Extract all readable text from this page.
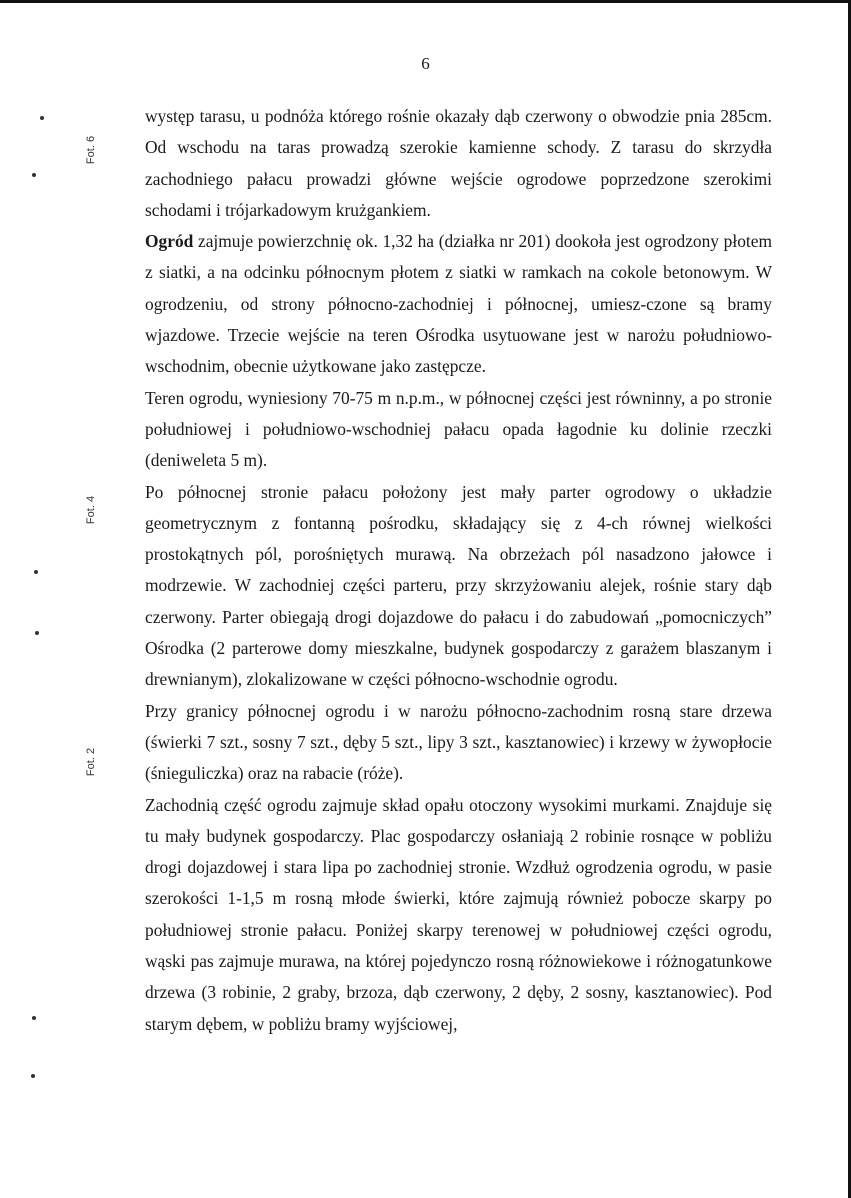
6
Fot. 6
Fot. 4
Fot. 2

występ tarasu, u podnóża którego rośnie okazały dąb czerwony o obwodzie pnia 285cm. Od wschodu na taras prowadzą szerokie kamienne schody. Z tarasu do skrzydła zachodniego pałacu prowadzi główne wejście ogrodowe poprzedzone szerokimi schodami i trójarkadowym krużgankiem.

Ogród zajmuje powierzchnię ok. 1,32 ha (działka nr 201) dookoła jest ogrodzony płotem z siatki, a na odcinku północnym płotem z siatki w ramkach na cokole betonowym. W ogrodzeniu, od strony północno-zachodniej i północnej, umiesz-czone są bramy wjazdowe. Trzecie wejście na teren Ośrodka usytuowane jest w narożu południowo-wschodnim, obecnie użytkowane jako zastępcze.

Teren ogrodu, wyniesiony 70-75 m n.p.m., w północnej części jest równinny, a po stronie południowej i południowo-wschodniej pałacu opada łagodnie ku dolinie rzeczki (deniweleta 5 m).

Po północnej stronie pałacu położony jest mały parter ogrodowy o układzie geometrycznym z fontanną pośrodku, składający się z 4-ch równej wielkości prostokątnych pól, porośniętych murawą. Na obrzeżach pól nasadzono jałowce i modrzewie. W zachodniej części parteru, przy skrzyżowaniu alejek, rośnie stary dąb czerwony. Parter obiegają drogi dojazdowe do pałacu i do zabudowań „pomocniczych” Ośrodka (2 parterowe domy mieszkalne, budynek gospodarczy z garażem blaszanym i drewnianym), zlokalizowane w części północno-wschodnie ogrodu.

Przy granicy północnej ogrodu i w narożu północno-zachodnim rosną stare drzewa (świerki 7 szt., sosny 7 szt., dęby 5 szt., lipy 3 szt., kasztanowiec) i krzewy w żywopłocie (śnieguliczka) oraz na rabacie (róże).

Zachodnią część ogrodu zajmuje skład opału otoczony wysokimi murkami. Znajduje się tu mały budynek gospodarczy. Plac gospodarczy osłaniają 2 robinie rosnące w pobliżu drogi dojazdowej i stara lipa po zachodniej stronie. Wzdłuż ogrodzenia ogrodu, w pasie szerokości 1-1,5 m rosną młode świerki, które zajmują również pobocze skarpy po południowej stronie pałacu. Poniżej skarpy terenowej w południowej części ogrodu, wąski pas zajmuje murawa, na której pojedynczo rosną różnowiekowe i różnogatunkowe drzewa (3 robinie, 2 graby, brzoza, dąb czerwony, 2 dęby, 2 sosny, kasztanowiec). Pod starym dębem, w pobliżu bramy wyjściowej,
